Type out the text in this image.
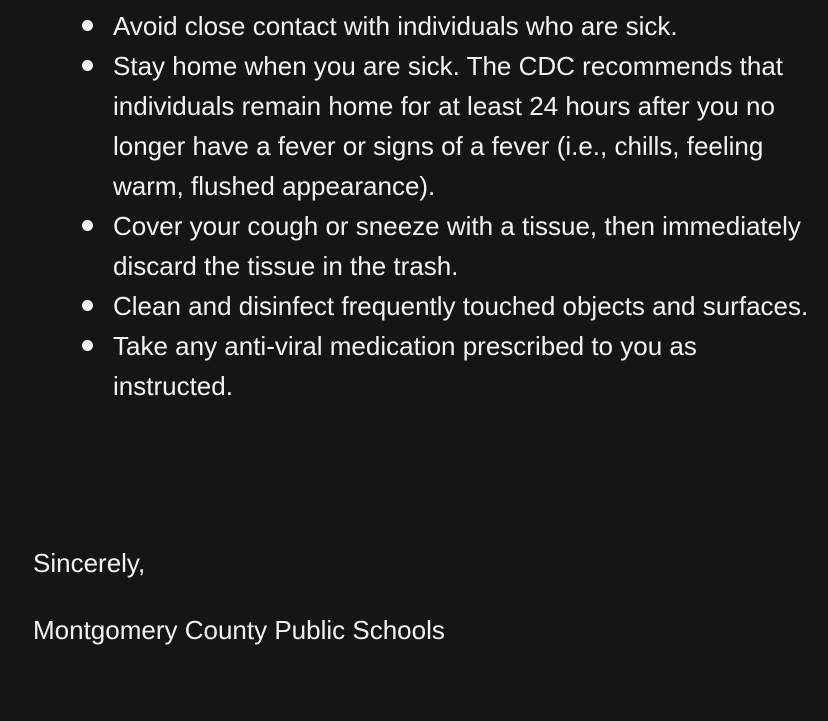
Avoid close contact with individuals who are sick.
Stay home when you are sick. The CDC recommends that individuals remain home for at least 24 hours after you no longer have a fever or signs of a fever (i.e., chills, feeling warm, flushed appearance).
Cover your cough or sneeze with a tissue, then immediately discard the tissue in the trash.
Clean and disinfect frequently touched objects and surfaces.
Take any anti-viral medication prescribed to you as instructed.
Sincerely,
Montgomery County Public Schools
